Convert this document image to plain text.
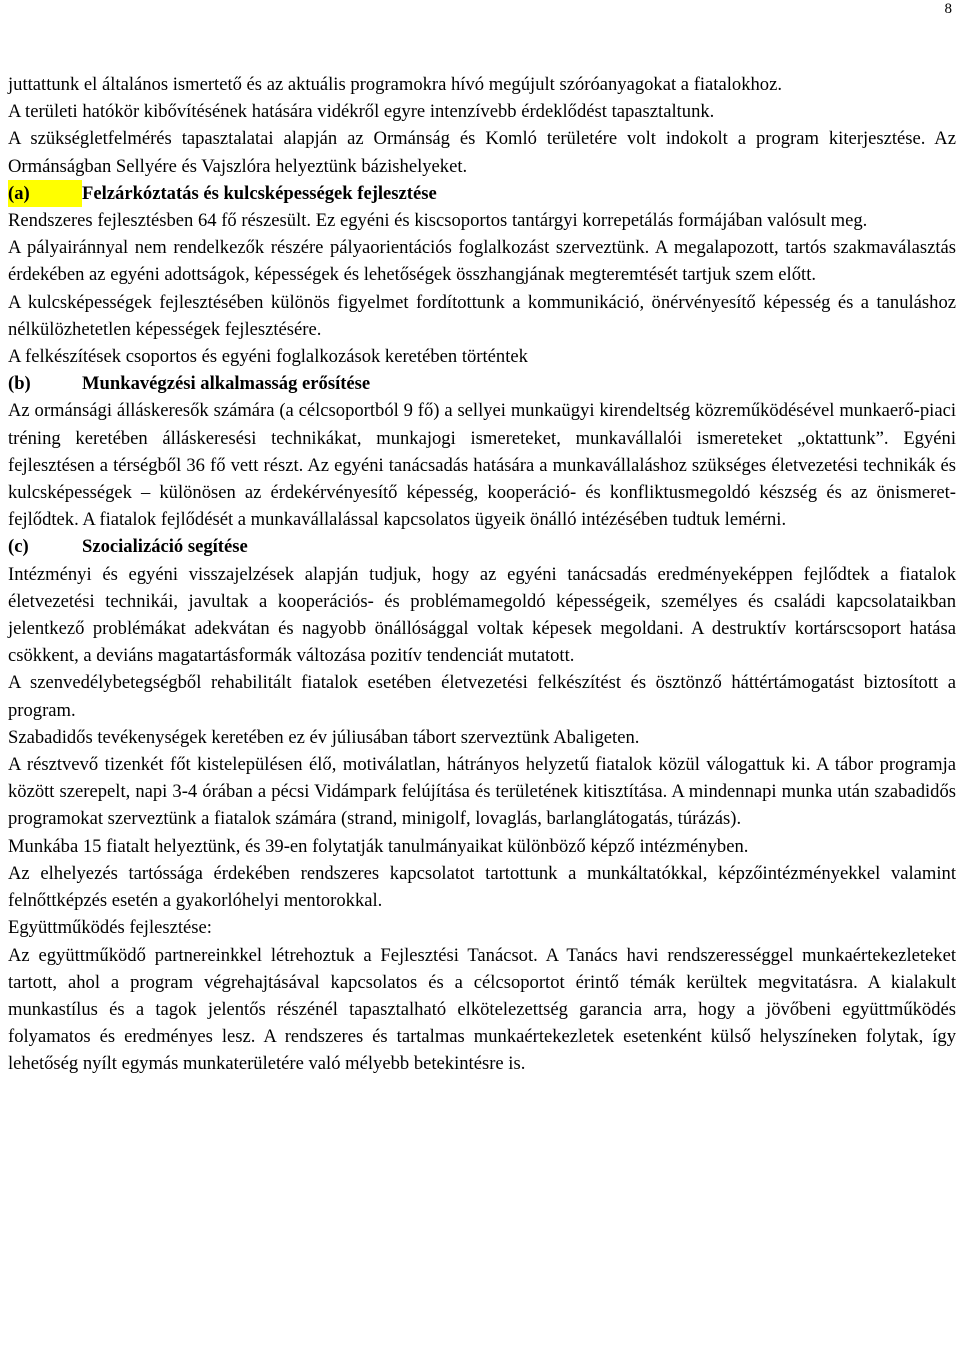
8

juttattunk el általános ismertető és az aktuális programokra hívó megújult szóróanyagokat a fiatalokhoz.

A területi hatókör kibővítésének hatására vidékről egyre intenzívebb érdeklődést tapasztaltunk.

A szükségletfelmérés tapasztalatai alapján az Ormánság és Komló területére volt indokolt a program kiterjesztése. Az Ormánságban Sellyére és Vajszlóra helyeztünk bázishelyeket.

(a)	Felzárkóztatás és kulcsképességek fejlesztése

Rendszeres fejlesztésben 64 fő részesült. Ez egyéni és kiscsoportos tantárgyi korrepetálás formájában valósult meg.

A pályairánnyal nem rendelkezők részére pályaorientációs foglalkozást szerveztünk. A megalapozott, tartós szakmaválasztás érdekében az egyéni adottságok, képességek és lehetőségek összhangjának megteremtését tartjuk szem előtt.

A kulcsképességek fejlesztésében különös figyelmet fordítottunk a kommunikáció, önérvényesítő képesség és a tanuláshoz nélkülözhetetlen képességek fejlesztésére.

A felkészítések csoportos és egyéni foglalkozások keretében történtek

(b)	Munkavégzési alkalmasság erősítése

Az ormánsági álláskeresők számára (a célcsoportból 9 fő) a sellyei munkaügyi kirendeltség közreműködésével munkaerő-piaci tréning keretében álláskeresési technikákat, munkajogi ismereteket, munkavállalói ismereteket „oktattunk”. Egyéni fejlesztésen a térségből 36 fő vett részt. Az egyéni tanácsadás hatására a munkavállaláshoz szükséges életvezetési technikák és kulcsképességek – különösen az érdekérvényesítő képesség, kooperáció- és konfliktusmegoldó készség és az önismeret- fejlődtek. A fiatalok fejlődését a munkavállalással kapcsolatos ügyeik önálló intézésében tudtuk lemérni.

(c)	Szocializáció segítése

Intézményi és egyéni visszajelzések alapján tudjuk, hogy az egyéni tanácsadás eredményeképpen fejlődtek a fiatalok életvezetési technikái, javultak a kooperációs- és problémamegoldó képességeik, személyes és családi kapcsolataikban jelentkező problémákat adekvátan és nagyobb önállósággal voltak képesek megoldani. A destruktív kortárscsoport hatása csökkent, a deviáns magatartásformák változása pozitív tendenciát mutatott.

A szenvedélybetegségből rehabilitált fiatalok esetében életvezetési felkészítést és ösztönző háttértámogatást biztosított a program.

Szabadidős tevékenységek keretében ez év júliusában tábort szerveztünk Abaligeten.

A résztvevő tizenkét főt kistelepülésen élő, motiválatlan, hátrányos helyzetű fiatalok közül válogattuk ki. A tábor programja között szerepelt, napi 3-4 órában a pécsi Vidámpark felújítása és területének kitisztítása. A mindennapi munka után szabadidős programokat szerveztünk a fiatalok számára (strand, minigolf, lovaglás, barlanglátogatás, túrázás).

Munkába 15 fiatalt helyeztünk, és 39-en folytatják tanulmányaikat különböző képző intézményben.

Az elhelyezés tartóssága érdekében rendszeres kapcsolatot tartottunk a munkáltatókkal, képzőintézményekkel valamint felnőttképzés esetén a gyakorlóhelyi mentorokkal.

Együttműködés fejlesztése:

Az együttműködő partnereinkkel létrehoztuk a Fejlesztési Tanácsot. A Tanács havi rendszerességgel munkaértekezleteket tartott, ahol a program végrehajtásával kapcsolatos és a célcsoportot érintő témák kerültek megvitatásra. A kialakult munkastílus és a tagok jelentős részénél tapasztalható elkötelezettség garancia arra, hogy a jövőbeni együttműködés folyamatos és eredményes lesz. A rendszeres és tartalmas munkaértekezletek esetenként külső helyszíneken folytak, így lehetőség nyílt egymás munkaterületére való mélyebb betekintésre is.
